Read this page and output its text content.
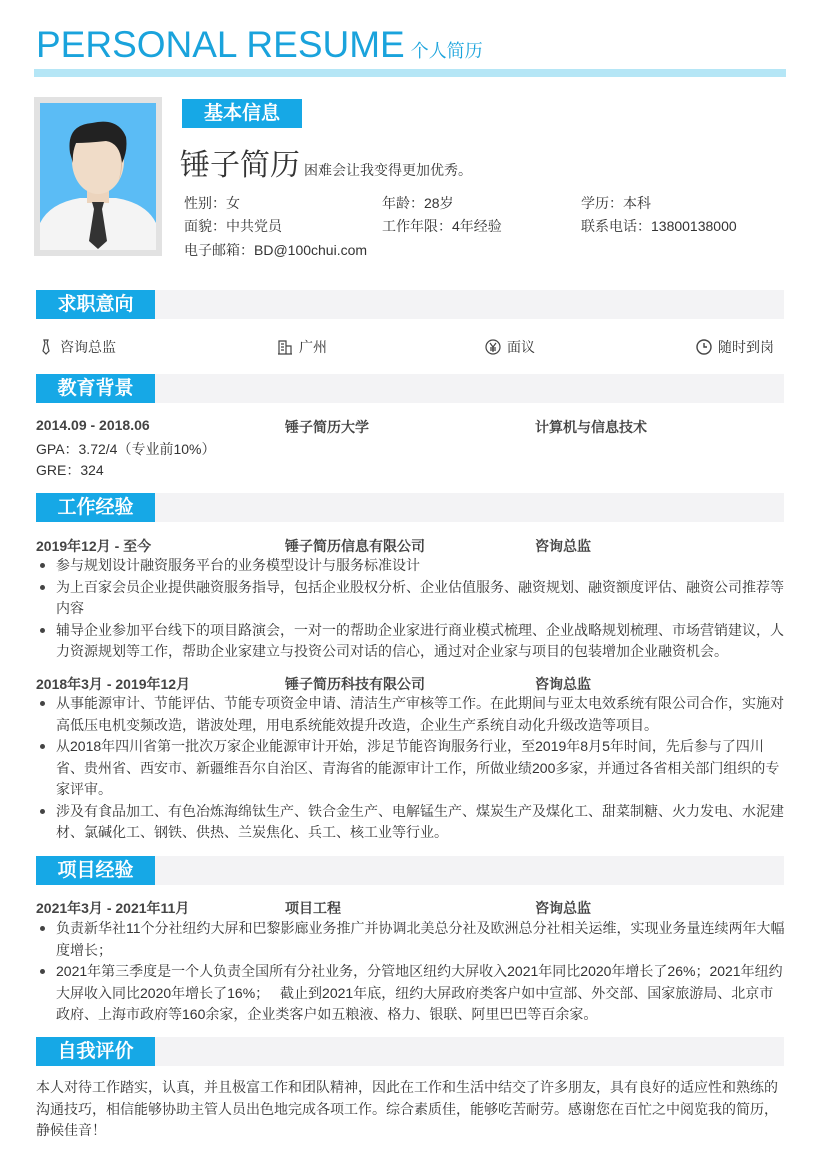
PERSONAL RESUME 个人简历
基本信息
锤子简历 困难会让我变得更加优秀。
性别：女	年龄：28岁	学历：本科
面貌：中共党员	工作年限：4年经验	联系电话：13800138000
电子邮箱：BD@100chui.com
求职意向
咨询总监	广州	面议	随时到岗
教育背景
2014.09 - 2018.06	锤子简历大学	计算机与信息技术
GPA：3.72/4（专业前10%）
GRE：324
工作经验
2019年12月 - 至今	锤子简历信息有限公司	咨询总监
参与规划设计融资服务平台的业务模型设计与服务标准设计
为上百家会员企业提供融资服务指导，包括企业股权分析、企业估值服务、融资规划、融资额度评估、融资公司推荐等内容
辅导企业参加平台线下的项目路演会，一对一的帮助企业家进行商业模式梳理、企业战略规划梳理、市场营销建议，人力资源规划等工作，帮助企业家建立与投资公司对话的信心，通过对企业家与项目的包装增加企业融资机会。
2018年3月 - 2019年12月	锤子简历科技有限公司	咨询总监
从事能源审计、节能评估、节能专项资金申请、清洁生产审核等工作。在此期间与亚太电效系统有限公司合作，实施对高低压电机变频改造，谐波处理，用电系统能效提升改造，企业生产系统自动化升级改造等项目。
从2018年四川省第一批次万家企业能源审计开始，涉足节能咨询服务行业，至2019年8月5年时间，先后参与了四川省、贵州省、西安市、新疆维吾尔自治区、青海省的能源审计工作，所做业绩200多家，并通过各省相关部门组织的专家评审。
涉及有食品加工、有色冶炼海绵钛生产、铁合金生产、电解锰生产、煤炭生产及煤化工、甜菜制糖、火力发电、水泥建材、氯碱化工、钢铁、供热、兰炭焦化、兵工、核工业等行业。
项目经验
2021年3月 - 2021年11月	项目工程	咨询总监
负责新华社11个分社纽约大屏和巴黎影廊业务推广并协调北美总分社及欧洲总分社相关运维，实现业务量连续两年大幅度增长；
2021年第三季度是一个人负责全国所有分社业务，分管地区纽约大屏收入2021年同比2020年增长了26%；2021年纽约大屏收入同比2020年增长了16%；　 截止到2021年底，纽约大屏政府类客户如中宣部、外交部、国家旅游局、北京市政府、上海市政府等160余家，企业类客户如五粮液、格力、银联、阿里巴巴等百余家。
自我评价
本人对待工作踏实，认真，并且极富工作和团队精神，因此在工作和生活中结交了许多朋友，具有良好的适应性和熟练的沟通技巧，相信能够协助主管人员出色地完成各项工作。综合素质佳，能够吃苦耐劳。感谢您在百忙之中阅览我的简历，静候佳音！
